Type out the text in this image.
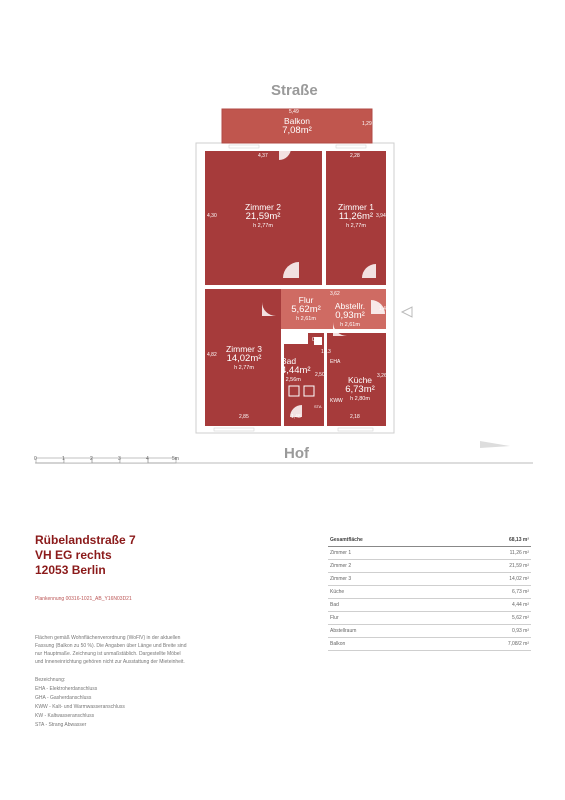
Straße
Balkon
7,08m²
Zimmer 2
21,59m²
h 2,77m
Zimmer 1
11,26m²
h 2,77m
Flur
5,62m²
h 2,61m
Abstellr.
0,93m²
h 2,61m
Zimmer 3
14,02m²
h 2,77m
Bad
4,44m²
h 2,56m	Küche
6,73m²
h 2,80m
5,49
1,29
4,37
4,30
2,28
3,94
3,62
1,47
4,82
2,85
0,82
1,13
2,50
1,48
3,26
2,18
EHA
KWW
STA
Hof
0	1	2	3	4	5m
Rübelandstraße 7
VH EG rechts
12053 Berlin
Plankennung 00316-1021_AB_Y16N03D21
Flächen gemäß Wohnflächenverordnung (WoFlV) in der aktuellen
Fassung (Balkon zu 50 %). Die Angaben über Länge und Breite sind
nur Hauptmaße. Zeichnung ist unmaßstäblich. Dargestellte Möbel
und Inneneinrichtung gehören nicht zur Ausstattung der Mieteinheit.
Bezeichnung:
EHA - Elektroherdanschluss
GHA - Gasherdanschluss
KWW - Kalt- und Warmwasseranschluss
KW - Kaltwasseranschluss
STA - Strang Abwasser
Gesamtfläche	68,13 m²
Zimmer 1	11,26 m²
Zimmer 2	21,59 m²
Zimmer 3	14,02 m²
Küche	6,73 m²
Bad	4,44 m²
Flur	5,62 m²
Abstellraum	0,93 m²
Balkon	7,08/2 m²
